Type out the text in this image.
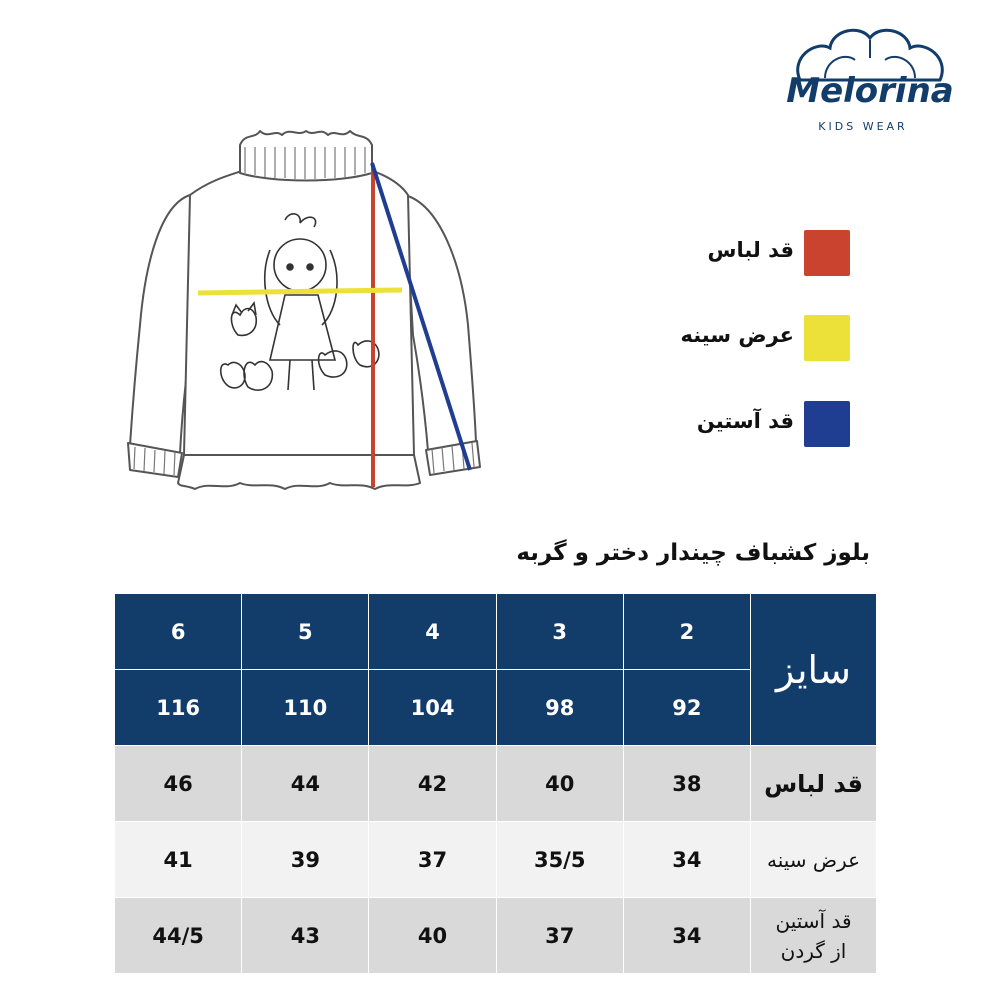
Melorina
KIDS WEAR
قد لباس
عرض سینه
قد آستین
بلوز کشباف چیندار دختر و گربه
سایز	2	3	4	5	6
	92	98	104	110	116
قد لباس	38	40	42	44	46
عرض سینه	34	35/5	37	39	41

قد آستین
از گردن	34	37	40	43	44/5
